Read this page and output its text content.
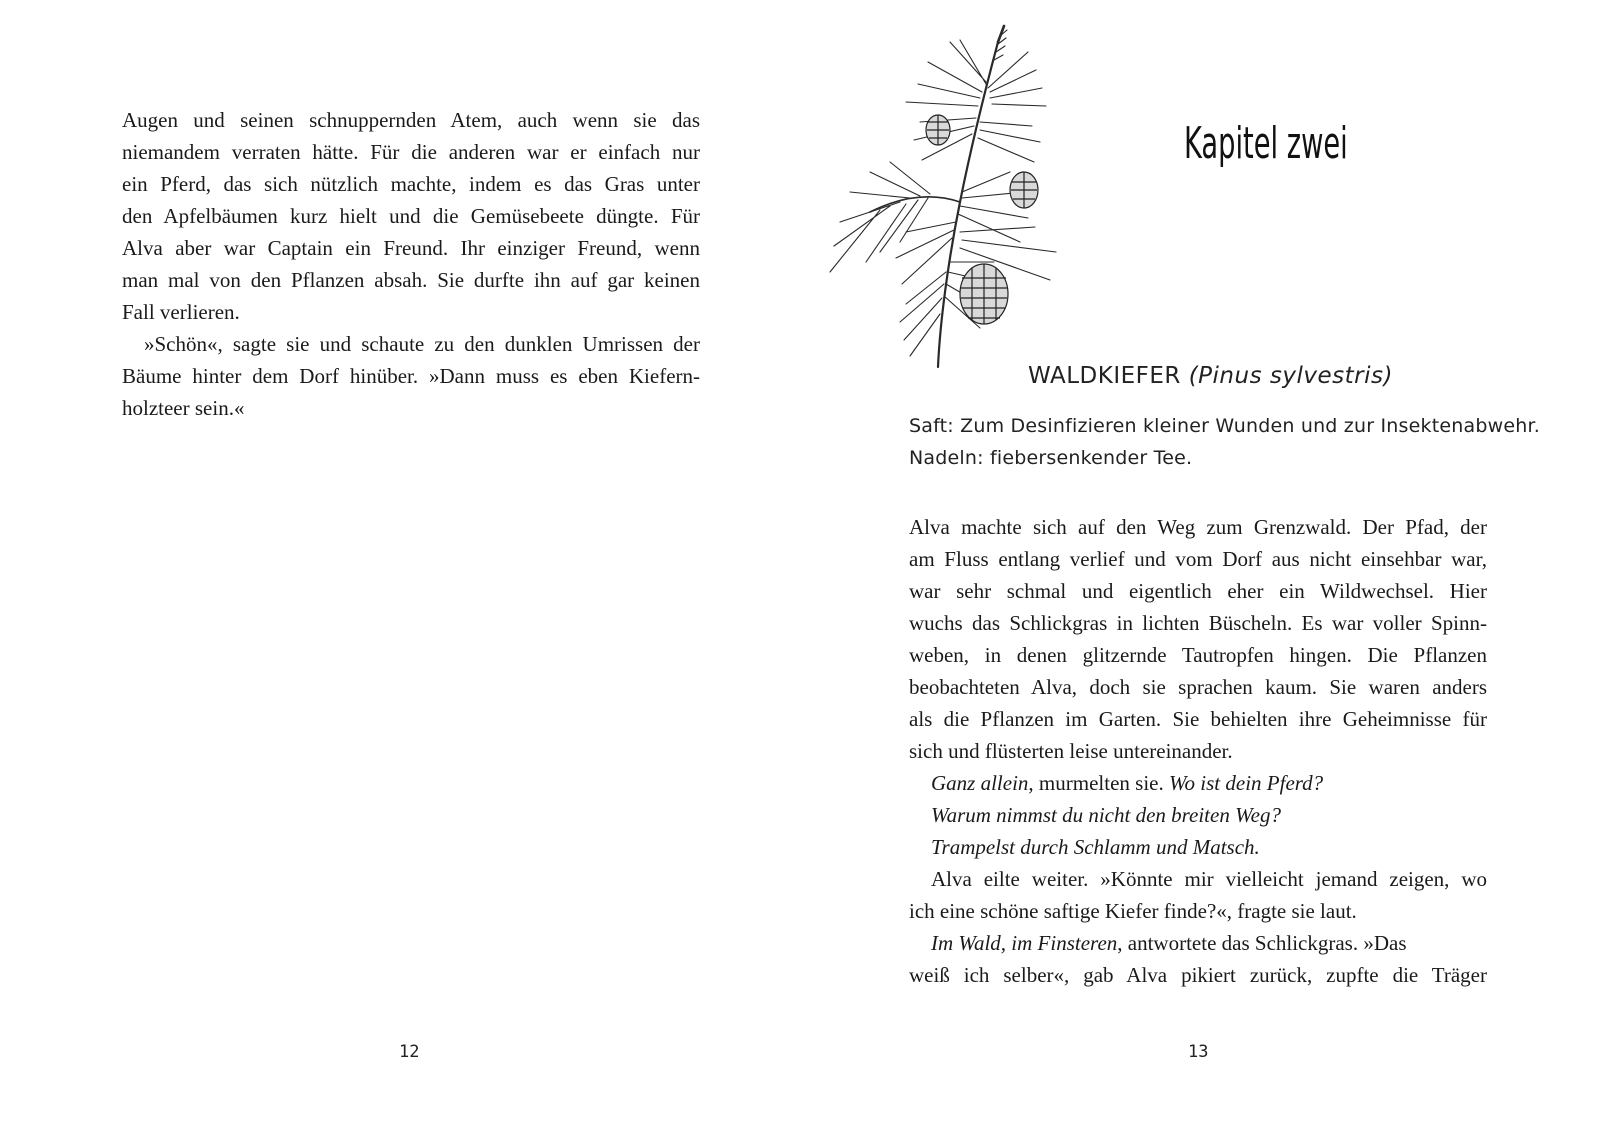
Augen und seinen schnuppernden Atem, auch wenn sie das
niemandem verraten hätte. Für die anderen war er einfach nur
ein Pferd, das sich nützlich machte, indem es das Gras unter
den Apfelbäumen kurz hielt und die Gemüsebeete düngte. Für
Alva aber war Captain ein Freund. Ihr einziger Freund, wenn
man mal von den Pflanzen absah. Sie durfte ihn auf gar keinen
Fall verlieren.
»Schön«, sagte sie und schaute zu den dunklen Umrissen der
Bäume hinter dem Dorf hinüber. »Dann muss es eben Kiefern-
holzteer sein.«
12
Kapitel zwei
WALDKIEFER (Pinus sylvestris)
Saft: Zum Desinfizieren kleiner Wunden und zur Insektenabwehr.
Nadeln: fiebersenkender Tee.
Alva machte sich auf den Weg zum Grenzwald. Der Pfad, der
am Fluss entlang verlief und vom Dorf aus nicht einsehbar war,
war sehr schmal und eigentlich eher ein Wildwechsel. Hier
wuchs das Schlickgras in lichten Büscheln. Es war voller Spinn-
weben, in denen glitzernde Tautropfen hingen. Die Pflanzen
beobachteten Alva, doch sie sprachen kaum. Sie waren anders
als die Pflanzen im Garten. Sie behielten ihre Geheimnisse für
sich und flüsterten leise untereinander.
Ganz allein, murmelten sie. Wo ist dein Pferd?
Warum nimmst du nicht den breiten Weg?
Trampelst durch Schlamm und Matsch.
Alva eilte weiter. »Könnte mir vielleicht jemand zeigen, wo
ich eine schöne saftige Kiefer finde?«, fragte sie laut.
Im Wald, im Finsteren, antwortete das Schlickgras. »Das
weiß ich selber«, gab Alva pikiert zurück, zupfte die Träger
13
